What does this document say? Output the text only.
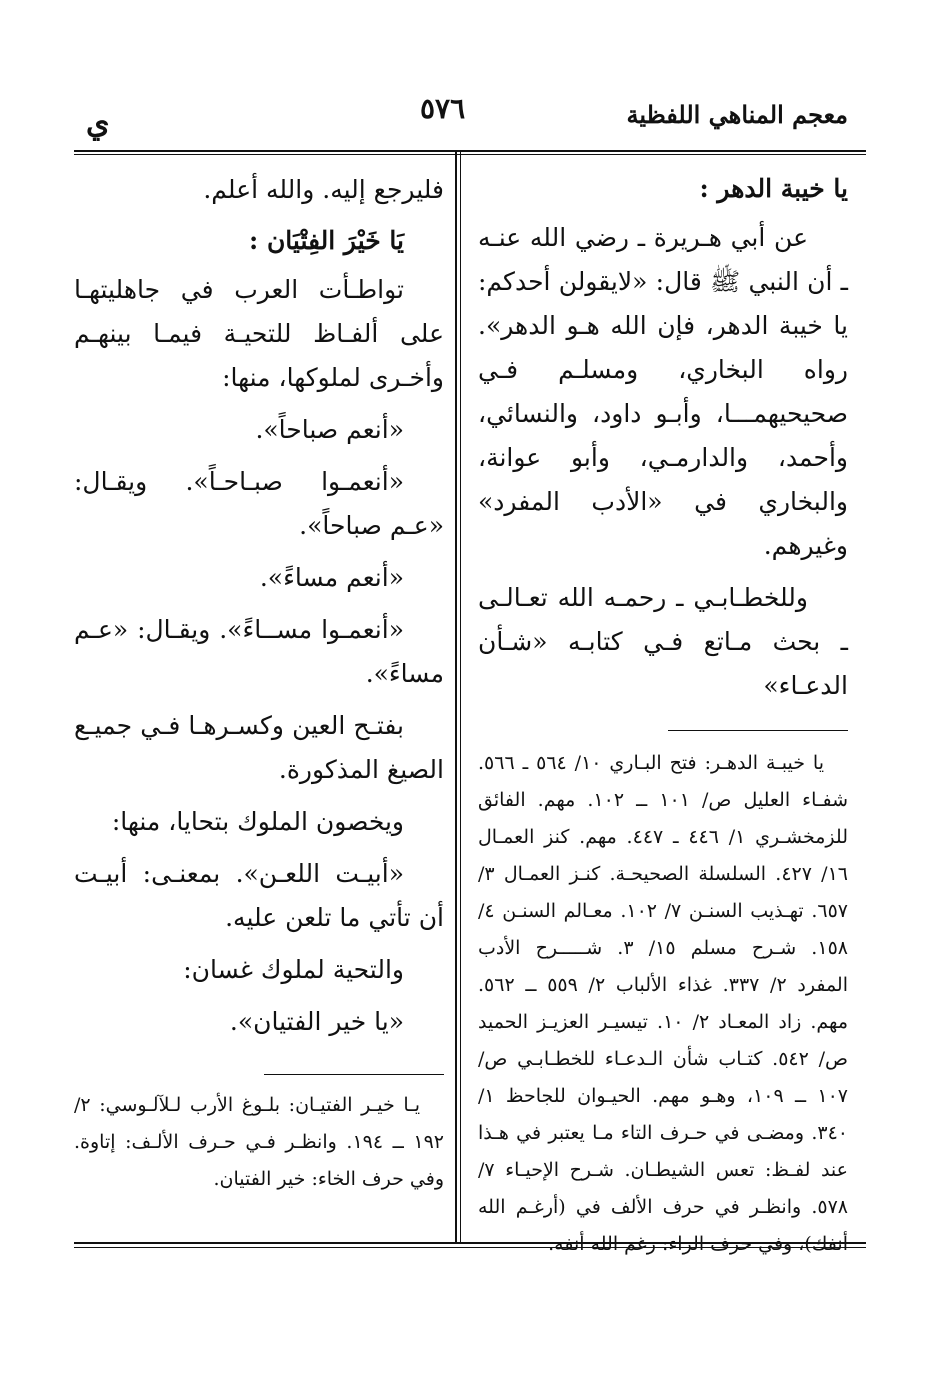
معجم المناهي اللفظية
٥٧٦
ي

يا خيبة الدهر :

عن أبي هـريرة ـ رضي الله عنـه ـ أن النبي ﷺ قال: «لايقولن أحدكم: يا خيبة الدهر، فإن الله هـو الدهر». رواه البخاري، ومسلـم فـي صحيحيهمـــا، وأبـو داود، والنسائي، وأحمد، والدارمـي، وأبو عوانة، والبخاري في «الأدب المفرد» وغيرهم.

وللخطـابـي ـ رحمـه الله تعـالـى ـ بحث مـاتع فـي كتابـه «شـأن الدعـاء»

يا خيبـة الدهـر: فتح البـاري ١٠/ ٥٦٤ ـ ٥٦٦. شفـاء العليل ص/ ١٠١ ــ ١٠٢. مهم. الفائق للزمخشـري ١/ ٤٤٦ ـ ٤٤٧. مهم. كنز العمـال ١٦/ ٤٢٧. السلسلة الصحيحـة. كنـز العمـال ٣/ ٦٥٧. تهـذيب السنـن ٧/ ١٠٢. معـالم السنـن ٤/ ١٥٨. شـرح مسلم ١٥/ ٣. شـــــرح الأدب المفرد ٢/ ٣٣٧. غذاء الألباب ٢/ ٥٥٩ ــ ٥٦٢. مهم. زاد المعـاد ٢/ ١٠. تيسيـر العزيـز الحميد ص/ ٥٤٢. كتـاب شأن الـدعـاء للخطـابـي ص/ ١٠٧ ــ ١٠٩، وهـو مهم. الحيـوان للجاحظ ١/ ٣٤٠. ومضـى في حـرف التاء مـا يعتبر في هـذا عند لفـظ: تعس الشيطـان. شـرح الإحيـاء ٧/ ٥٧٨. وانظـر في حرف الألف في (أرغـم الله أنفك)، وفي حرف الراء: رغم الله أنفه.

فليرجع إليه. والله أعلم.

يَا خَيْرَ الفِتْيَان :

تواطـأت العرب في جاهليتهـا على ألفـاظ للتحيـة فيمـا بينهـم وأخـرى لملوكها، منها:

«أنعم صباحاً».

«أنعمـوا صبـاحـاً». ويقـال: «عـم صباحاً».

«أنعم مساءً».

«أنعمـوا مســاءً». ويقـال: «عـم مساءً».

بفتـح العين وكسـرهـا فـي جميـع الصيغ المذكورة.

ويخصون الملوك بتحايا، منها:

«أبيـت اللعـن». بمعنـى: أبيـت أن تأتي ما تلعن عليه.

والتحية لملوك غسان:

«يا خير الفتيان».

يـا خيـر الفتيـان: بلـوغ الأرب لـلآلـوسي: ٢/ ١٩٢ ــ ١٩٤. وانظـر فـي حـرف الألـف: إتاوة. وفي حرف الخاء: خير الفتيان.
